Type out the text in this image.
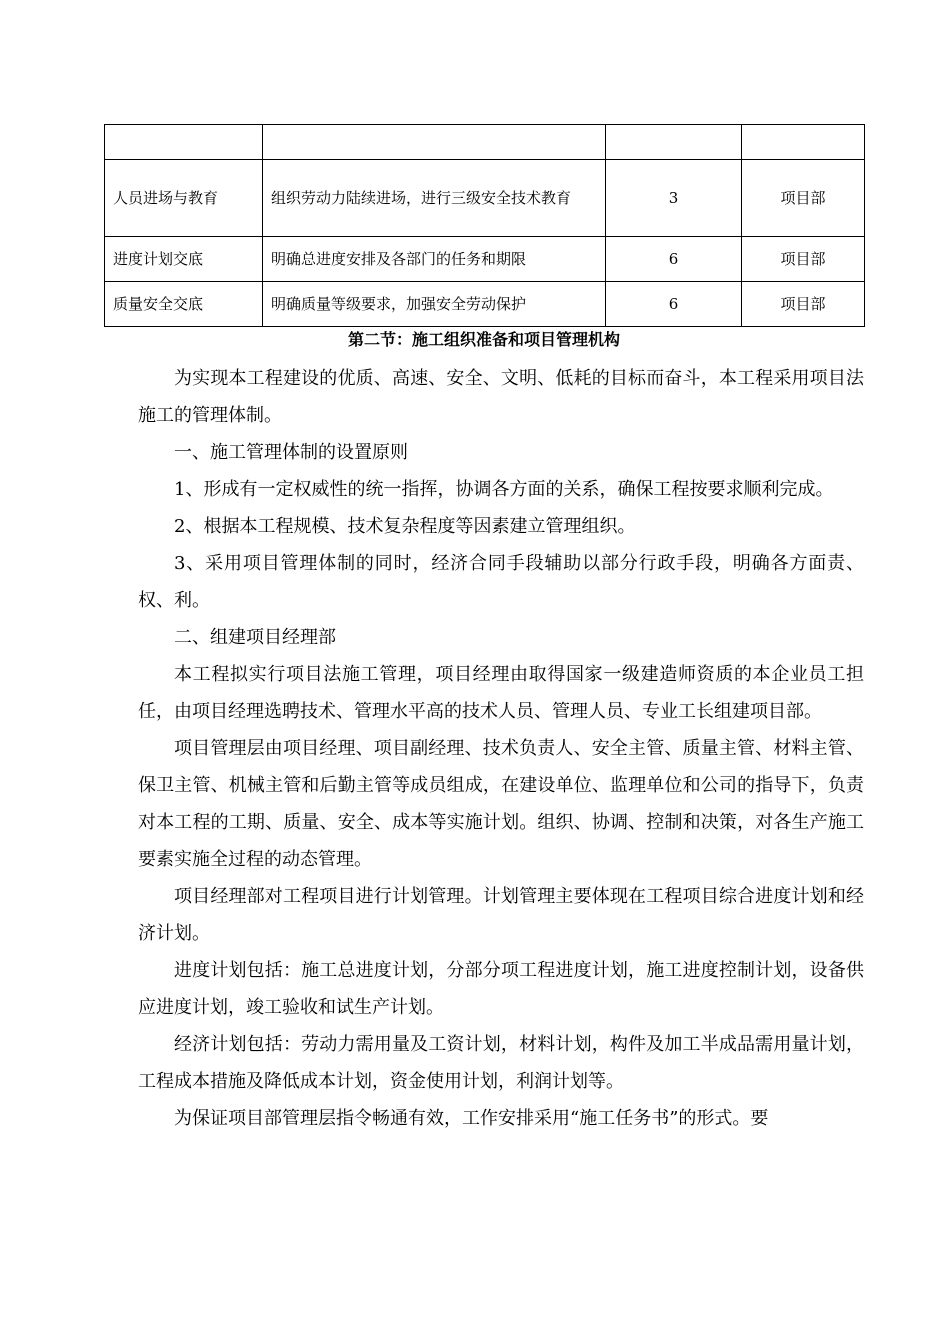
人员进场与教育	组织劳动力陆续进场，进行三级安全技术教育	3	项目部
进度计划交底	明确总进度安排及各部门的任务和期限	6	项目部
质量安全交底	明确质量等级要求，加强安全劳动保护	6	项目部
第二节：施工组织准备和项目管理机构

为实现本工程建设的优质、高速、安全、文明、低耗的目标而奋斗，本工程采用项目法施工的管理体制。

一、施工管理体制的设置原则

1、形成有一定权威性的统一指挥，协调各方面的关系，确保工程按要求顺利完成。

2、根据本工程规模、技术复杂程度等因素建立管理组织。

3、采用项目管理体制的同时，经济合同手段辅助以部分行政手段，明确各方面责、权、利。

二、组建项目经理部

本工程拟实行项目法施工管理，项目经理由取得国家一级建造师资质的本企业员工担任，由项目经理选聘技术、管理水平高的技术人员、管理人员、专业工长组建项目部。

项目管理层由项目经理、项目副经理、技术负责人、安全主管、质量主管、材料主管、保卫主管、机械主管和后勤主管等成员组成，在建设单位、监理单位和公司的指导下，负责对本工程的工期、质量、安全、成本等实施计划。组织、协调、控制和决策，对各生产施工要素实施全过程的动态管理。

项目经理部对工程项目进行计划管理。计划管理主要体现在工程项目综合进度计划和经济计划。

进度计划包括：施工总进度计划，分部分项工程进度计划，施工进度控制计划，设备供应进度计划，竣工验收和试生产计划。

经济计划包括：劳动力需用量及工资计划，材料计划，构件及加工半成品需用量计划，工程成本措施及降低成本计划，资金使用计划，利润计划等。

为保证项目部管理层指令畅通有效，工作安排采用“施工任务书”的形式。要
